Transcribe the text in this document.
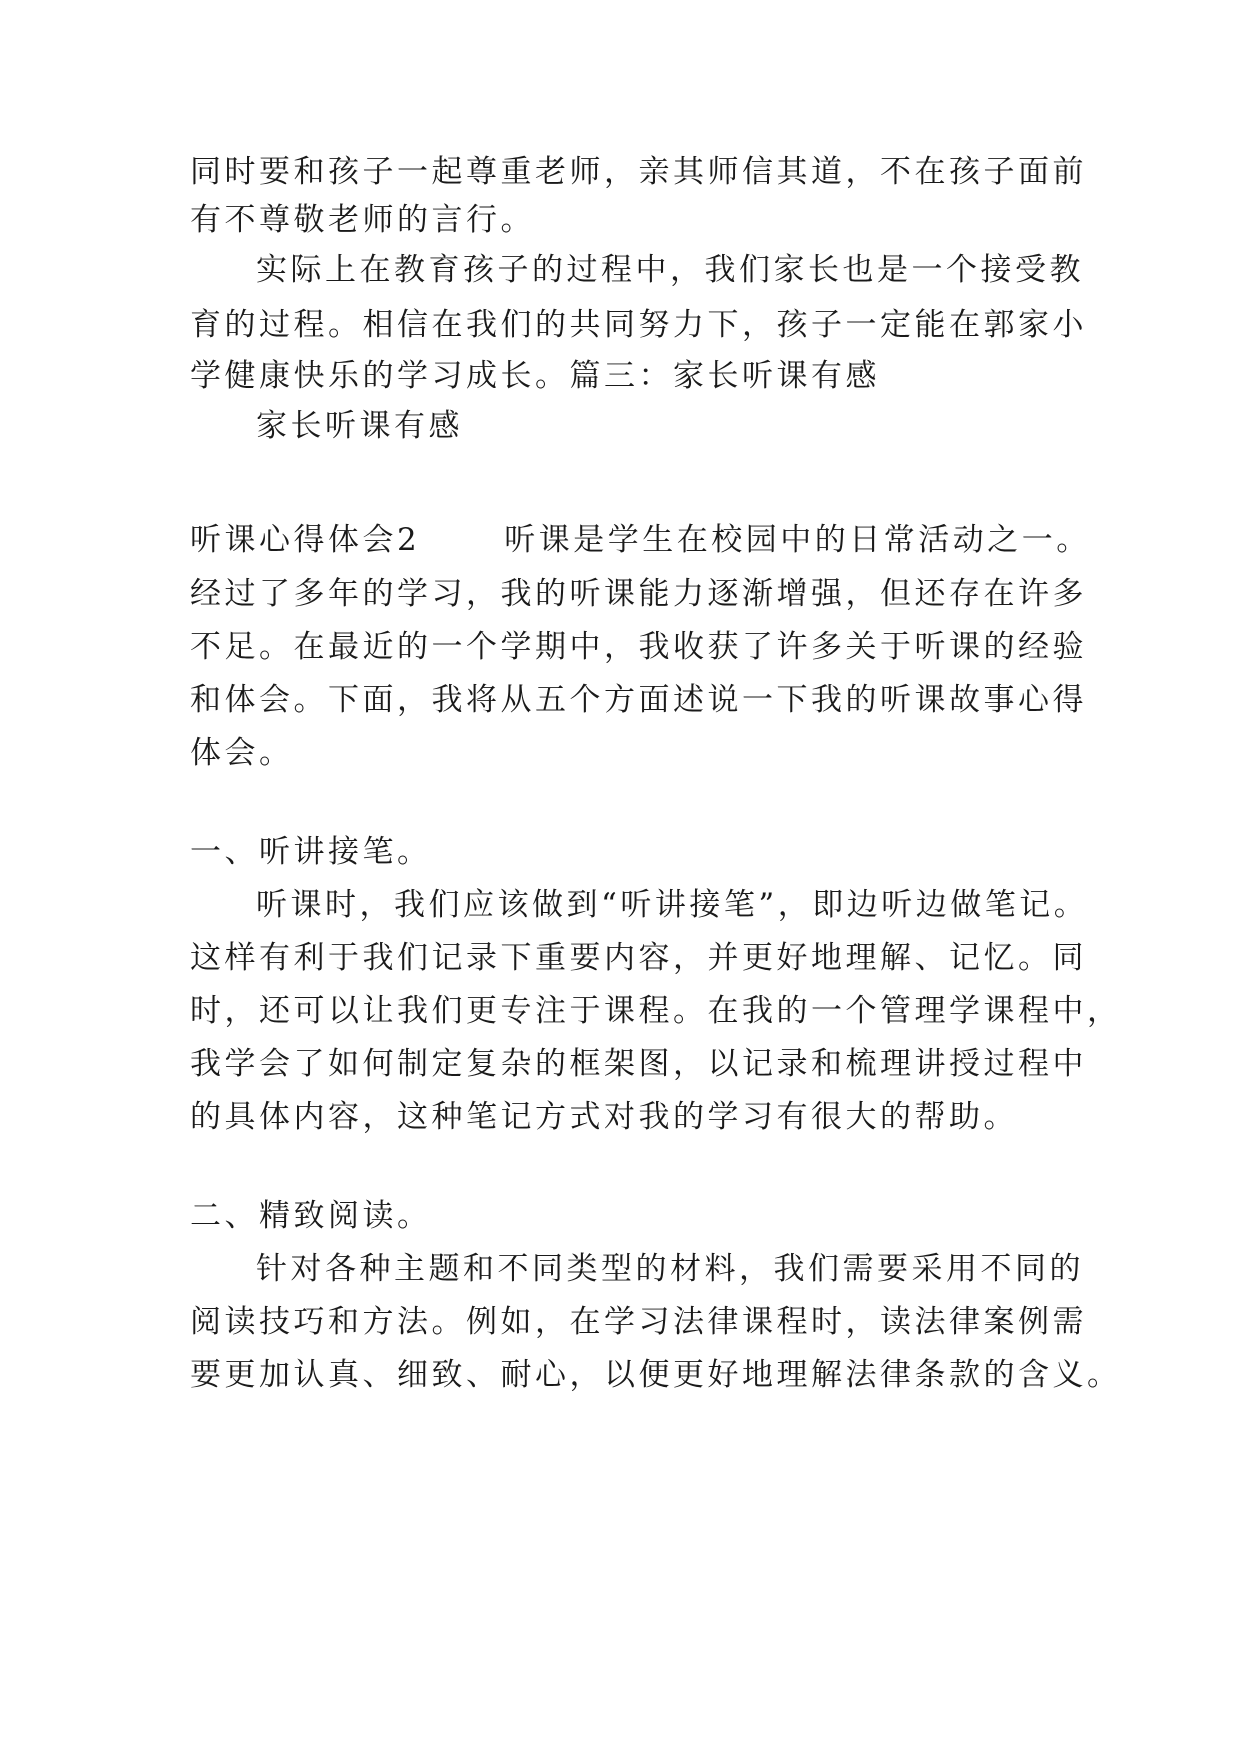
同时要和孩子一起尊重老师，亲其师信其道，不在孩子面前
有不尊敬老师的言行。
实际上在教育孩子的过程中，我们家长也是一个接受教
育的过程。相信在我们的共同努力下，孩子一定能在郭家小
学健康快乐的学习成长。篇三：家长听课有感
家长听课有感
听课心得体会2	听课是学生在校园中的日常活动之一。
经过了多年的学习，我的听课能力逐渐增强，但还存在许多
不足。在最近的一个学期中，我收获了许多关于听课的经验
和体会。下面，我将从五个方面述说一下我的听课故事心得
体会。
一、听讲接笔。
听课时，我们应该做到“听讲接笔”，即边听边做笔记。
这样有利于我们记录下重要内容，并更好地理解、记忆。同
时，还可以让我们更专注于课程。在我的一个管理学课程中，
我学会了如何制定复杂的框架图，以记录和梳理讲授过程中
的具体内容，这种笔记方式对我的学习有很大的帮助。
二、精致阅读。
针对各种主题和不同类型的材料，我们需要采用不同的
阅读技巧和方法。例如，在学习法律课程时，读法律案例需
要更加认真、细致、耐心，以便更好地理解法律条款的含义。
